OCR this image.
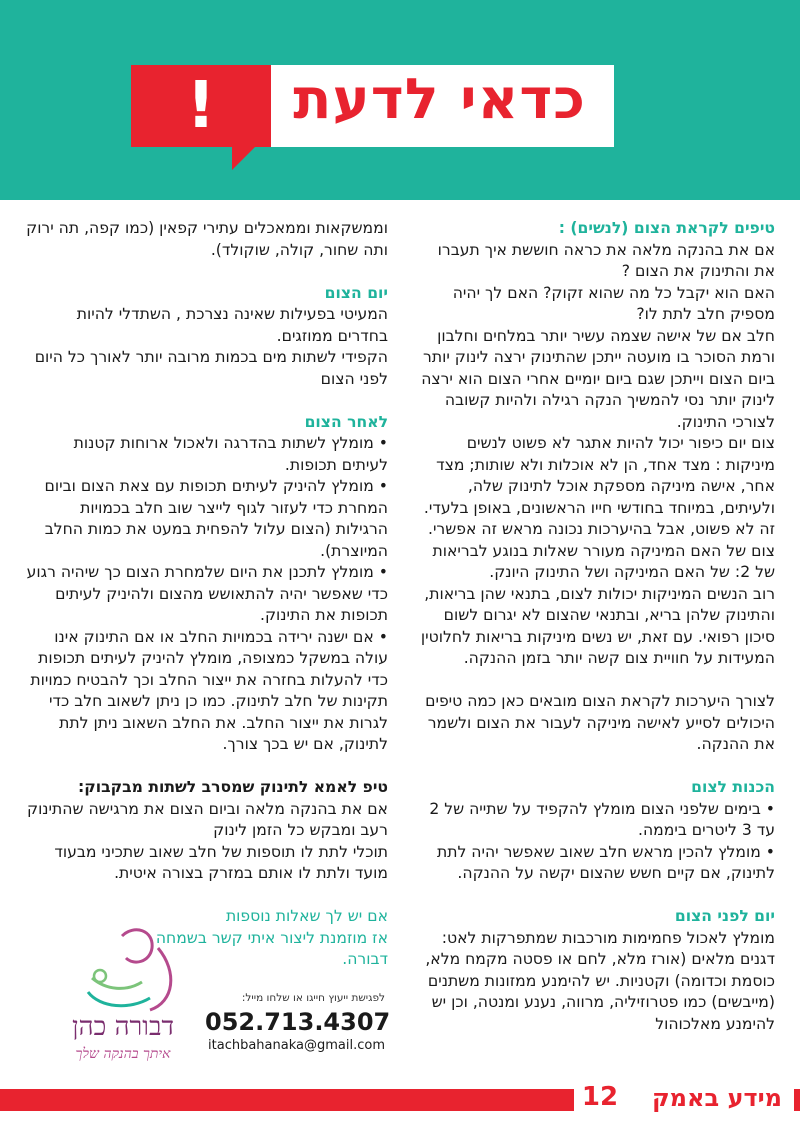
כדאי לדעת
!
טיפים לקראת הצום (לנשים) :
אם את בהנקה מלאה את כראה חוששת איך תעברו את והתינוק את הצום ?
האם הוא יקבל כל מה שהוא זקוק? האם לך יהיה מספיק חלב לתת לו?
חלב אם של אישה שצמה עשיר יותר במלחים וחלבון ורמת הסוכר בו מועטה ייתכן שהתינוק ירצה לינוק יותר ביום הצום וייתכן שגם ביום יומיים אחרי הצום הוא ירצה לינוק יותר נסי להמשיך הנקה רגילה ולהיות קשובה לצורכי התינוק.
צום יום כיפור יכול להיות אתגר לא פשוט לנשים מיניקות : מצד אחד, הן לא אוכלות ולא שותות; מצד אחר, אישה מיניקה מספקת אוכל לתינוק שלה, ולעיתים, במיוחד בחודשי חייו הראשונים, באופן בלעדי.
זה לא פשוט, אבל בהיערכות נכונה מראש זה אפשרי.
צום של האם המיניקה מעורר שאלות בנוגע לבריאות של 2: של האם המיניקה ושל התינוק היונק.
רוב הנשים המיניקות יכולות לצום, בתנאי שהן בריאות, והתינוק שלהן בריא, ובתנאי שהצום לא יגרום לשום סיכון רפואי. עם זאת, יש נשים מיניקות בריאות לחלוטין המעידות על חוויית צום קשה יותר בזמן ההנקה.
לצורך היערכות לקראת הצום מובאים כאן כמה טיפים היכולים לסייע לאישה מיניקה לעבור את הצום ולשמר את ההנקה.
הכנות לצום
• בימים שלפני הצום מומלץ להקפיד על שתייה של 2 עד 3 ליטרים ביממה.
• מומלץ להכין מראש חלב שאוב שאפשר יהיה לתת לתינוק, אם קיים חשש שהצום יקשה על ההנקה.
יום לפני הצום
מומלץ לאכול פחמימות מורכבות שמתפרקות לאט: דגנים מלאים (אורז מלא, לחם או פסטה מקמח מלא, כוסמת וכדומה) וקטניות. יש להימנע ממזונות משתנים (מייבשים) כמו פטרוזיליה, מרווה, נענע ומנטה, וכן יש להימנע מאלכוהול
וממשקאות וממאכלים עתירי קפאין (כמו קפה, תה ירוק ותה שחור, קולה, שוקולד).
יום הצום
המעיטי בפעילות שאינה נצרכת , השתדלי להיות בחדרים ממוזגים.
הקפידי לשתות מים בכמות מרובה יותר לאורך כל היום לפני הצום
לאחר הצום
• מומלץ לשתות בהדרגה ולאכול ארוחות קטנות לעיתים תכופות.
• מומלץ להיניק לעיתים תכופות עם צאת הצום וביום המחרת כדי לעזור לגוף לייצר שוב חלב בכמויות הרגילות (הצום עלול להפחית במעט את כמות החלב המיוצרת).
• מומלץ לתכנן את היום שלמחרת הצום כך שיהיה רגוע כדי שאפשר יהיה להתאושש מהצום ולהיניק לעיתים תכופות את התינוק.
• אם ישנה ירידה בכמויות החלב או אם התינוק אינו עולה במשקל כמצופה, מומלץ להיניק לעיתים תכופות כדי להעלות בחזרה את ייצור החלב וכך להבטיח כמויות תקינות של חלב לתינוק. כמו כן ניתן לשאוב חלב כדי לגרות את ייצור החלב. את החלב השאוב ניתן לתת לתינוק, אם יש בכך צורך.
טיפ לאמא לתינוק שמסרב לשתות מבקבוק:
אם את בהנקה מלאה וביום הצום את מרגישה שהתינוק רעב ומבקש כל הזמן לינוק
תוכלי לתת לו תוספות של חלב שאוב שתכיני מבעוד מועד ולתת לו אותם במזרק בצורה איטית.
אם יש לך שאלות נוספות
אז מוזמנת ליצור איתי קשר בשמחה
דבורה.
דבורה כהן
איתך בהנקה שלך
לפגישת ייעוץ חייגו או שלחו מייל:
052.713.4307
itachbahanaka@gmail.com
מידע באמק
12
